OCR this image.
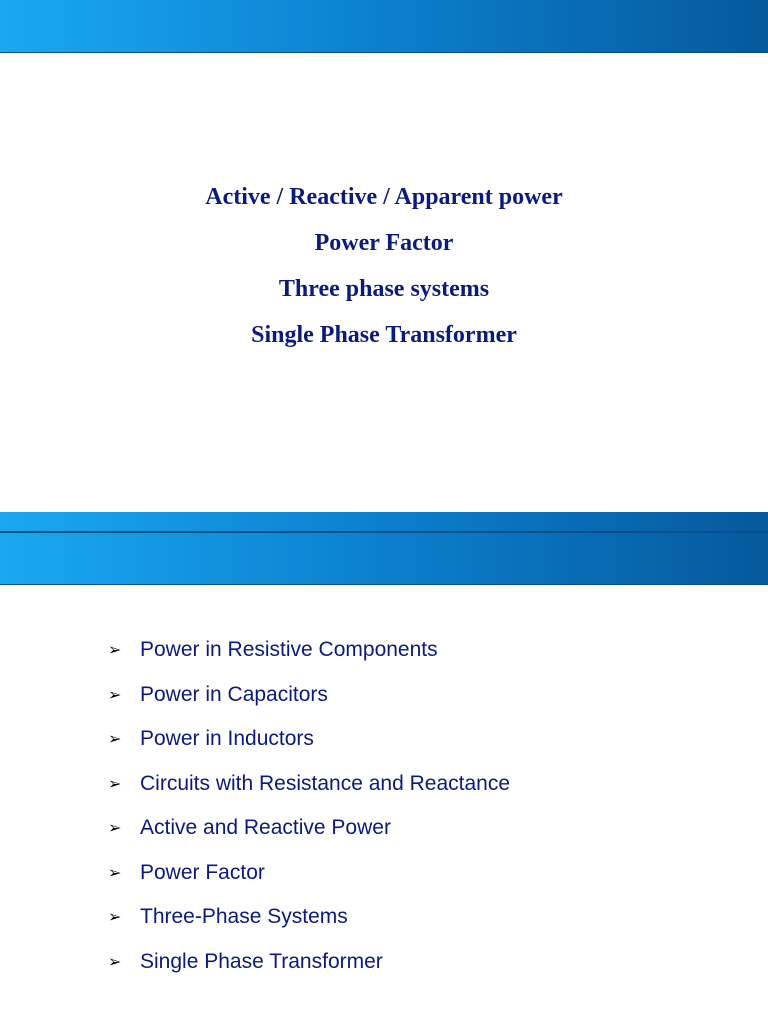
Active / Reactive / Apparent power
Power Factor
Three phase systems
Single Phase Transformer
➢ Power in Resistive Components
➢ Power in Capacitors
➢ Power in Inductors
➢ Circuits with Resistance and Reactance
➢ Active and Reactive Power
➢ Power Factor
➢ Three-Phase Systems
➢ Single Phase Transformer
